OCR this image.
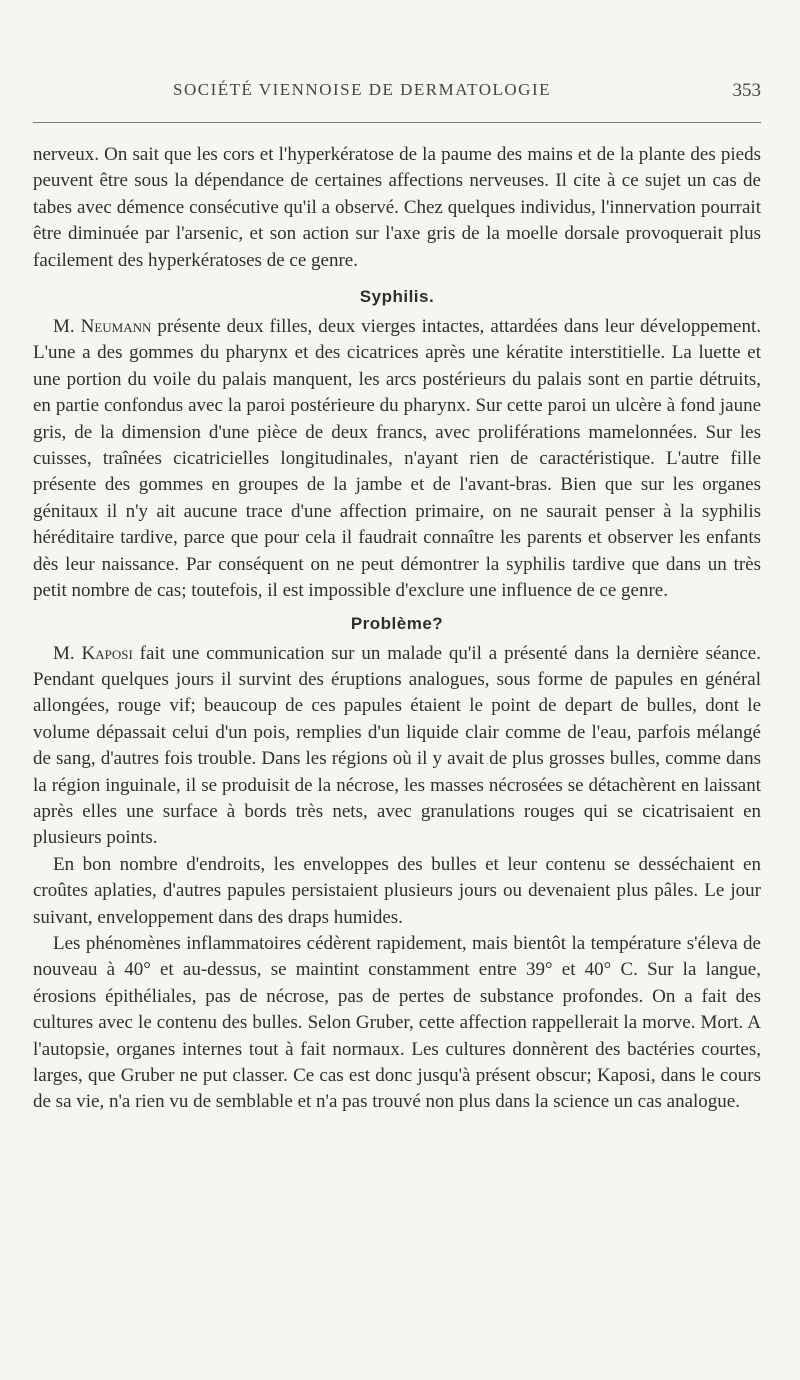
SOCIÉTÉ VIENNOISE DE DERMATOLOGIE	353

nerveux. On sait que les cors et l'hyperkératose de la paume des mains et de la plante des pieds peuvent être sous la dépendance de certaines affections nerveuses. Il cite à ce sujet un cas de tabes avec démence consécutive qu'il a observé. Chez quelques individus, l'innervation pourrait être diminuée par l'arsenic, et son action sur l'axe gris de la moelle dorsale provoquerait plus facilement des hyperkératoses de ce genre.

Syphilis.

M. Neumann présente deux filles, deux vierges intactes, attardées dans leur développement. L'une a des gommes du pharynx et des cicatrices après une kératite interstitielle. La luette et une portion du voile du palais manquent, les arcs postérieurs du palais sont en partie détruits, en partie confondus avec la paroi postérieure du pharynx. Sur cette paroi un ulcère à fond jaune gris, de la dimension d'une pièce de deux francs, avec proliférations mamelonnées. Sur les cuisses, traînées cicatricielles longitudinales, n'ayant rien de caractéristique. L'autre fille présente des gommes en groupes de la jambe et de l'avant-bras. Bien que sur les organes génitaux il n'y ait aucune trace d'une affection primaire, on ne saurait penser à la syphilis héréditaire tardive, parce que pour cela il faudrait connaître les parents et observer les enfants dès leur naissance. Par conséquent on ne peut démontrer la syphilis tardive que dans un très petit nombre de cas; toutefois, il est impossible d'exclure une influence de ce genre.

Problème?

M. Kaposi fait une communication sur un malade qu'il a présenté dans la dernière séance. Pendant quelques jours il survint des éruptions analogues, sous forme de papules en général allongées, rouge vif; beaucoup de ces papules étaient le point de depart de bulles, dont le volume dépassait celui d'un pois, remplies d'un liquide clair comme de l'eau, parfois mélangé de sang, d'autres fois trouble. Dans les régions où il y avait de plus grosses bulles, comme dans la région inguinale, il se produisit de la nécrose, les masses nécrosées se détachèrent en laissant après elles une surface à bords très nets, avec granulations rouges qui se cicatrisaient en plusieurs points.

En bon nombre d'endroits, les enveloppes des bulles et leur contenu se desséchaient en croûtes aplaties, d'autres papules persistaient plusieurs jours ou devenaient plus pâles. Le jour suivant, enveloppement dans des draps humides.

Les phénomènes inflammatoires cédèrent rapidement, mais bientôt la température s'éleva de nouveau à 40° et au-dessus, se maintint constamment entre 39° et 40° C. Sur la langue, érosions épithéliales, pas de nécrose, pas de pertes de substance profondes. On a fait des cultures avec le contenu des bulles. Selon Gruber, cette affection rappellerait la morve. Mort. A l'autopsie, organes internes tout à fait normaux. Les cultures donnèrent des bactéries courtes, larges, que Gruber ne put classer. Ce cas est donc jusqu'à présent obscur; Kaposi, dans le cours de sa vie, n'a rien vu de semblable et n'a pas trouvé non plus dans la science un cas analogue.
